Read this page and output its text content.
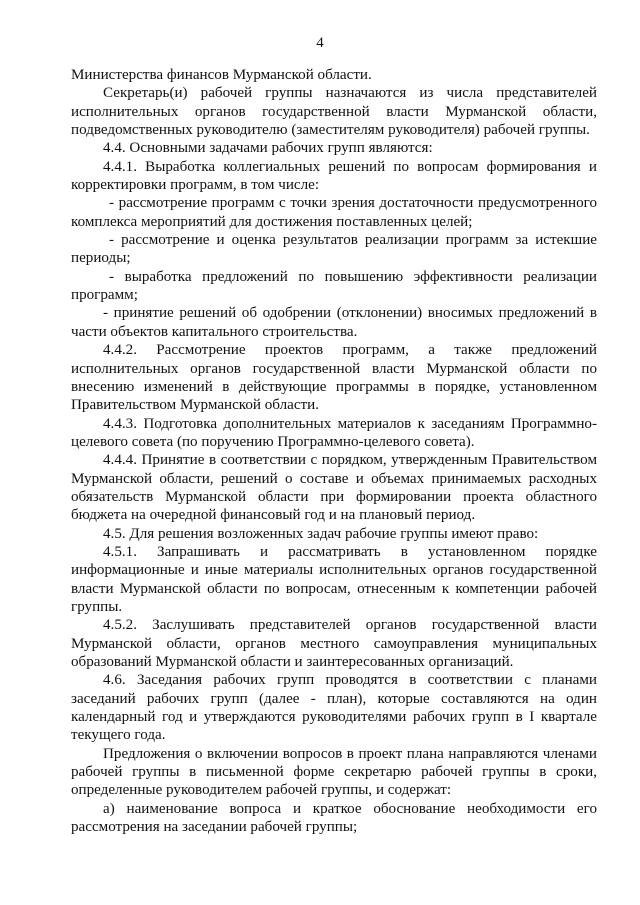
4

Министерства финансов Мурманской области.

Секретарь(и) рабочей группы назначаются из числа представителей исполнительных органов государственной власти Мурманской области, подведомственных руководителю (заместителям руководителя) рабочей группы.

4.4. Основными задачами рабочих групп являются:

4.4.1. Выработка коллегиальных решений по вопросам формирования и корректировки программ, в том числе:

- рассмотрение программ с точки зрения достаточности предусмотренного комплекса мероприятий для достижения поставленных целей;

- рассмотрение и оценка результатов реализации программ за истекшие периоды;

- выработка предложений по повышению эффективности реализации программ;

- принятие решений об одобрении (отклонении) вносимых предложений в части объектов капитального строительства.

4.4.2. Рассмотрение проектов программ, а также предложений исполнительных органов государственной власти Мурманской области по внесению изменений в действующие программы в порядке, установленном Правительством Мурманской области.

4.4.3. Подготовка дополнительных материалов к заседаниям Программно-целевого совета (по поручению Программно-целевого совета).

4.4.4. Принятие в соответствии с порядком, утвержденным Правительством Мурманской области, решений о составе и объемах принимаемых расходных обязательств Мурманской области при формировании проекта областного бюджета на очередной финансовый год и на плановый период.

4.5. Для решения возложенных задач рабочие группы имеют право:

4.5.1. Запрашивать и рассматривать в установленном порядке информационные и иные материалы исполнительных органов государственной власти Мурманской области по вопросам, отнесенным к компетенции рабочей группы.

4.5.2. Заслушивать представителей органов государственной власти Мурманской области, органов местного самоуправления муниципальных образований Мурманской области и заинтересованных организаций.

4.6. Заседания рабочих групп проводятся в соответствии с планами заседаний рабочих групп (далее - план), которые составляются на один календарный год и утверждаются руководителями рабочих групп в I квартале текущего года.

Предложения о включении вопросов в проект плана направляются членами рабочей группы в письменной форме секретарю рабочей группы в сроки, определенные руководителем рабочей группы, и содержат:

а) наименование вопроса и краткое обоснование необходимости его рассмотрения на заседании рабочей группы;
